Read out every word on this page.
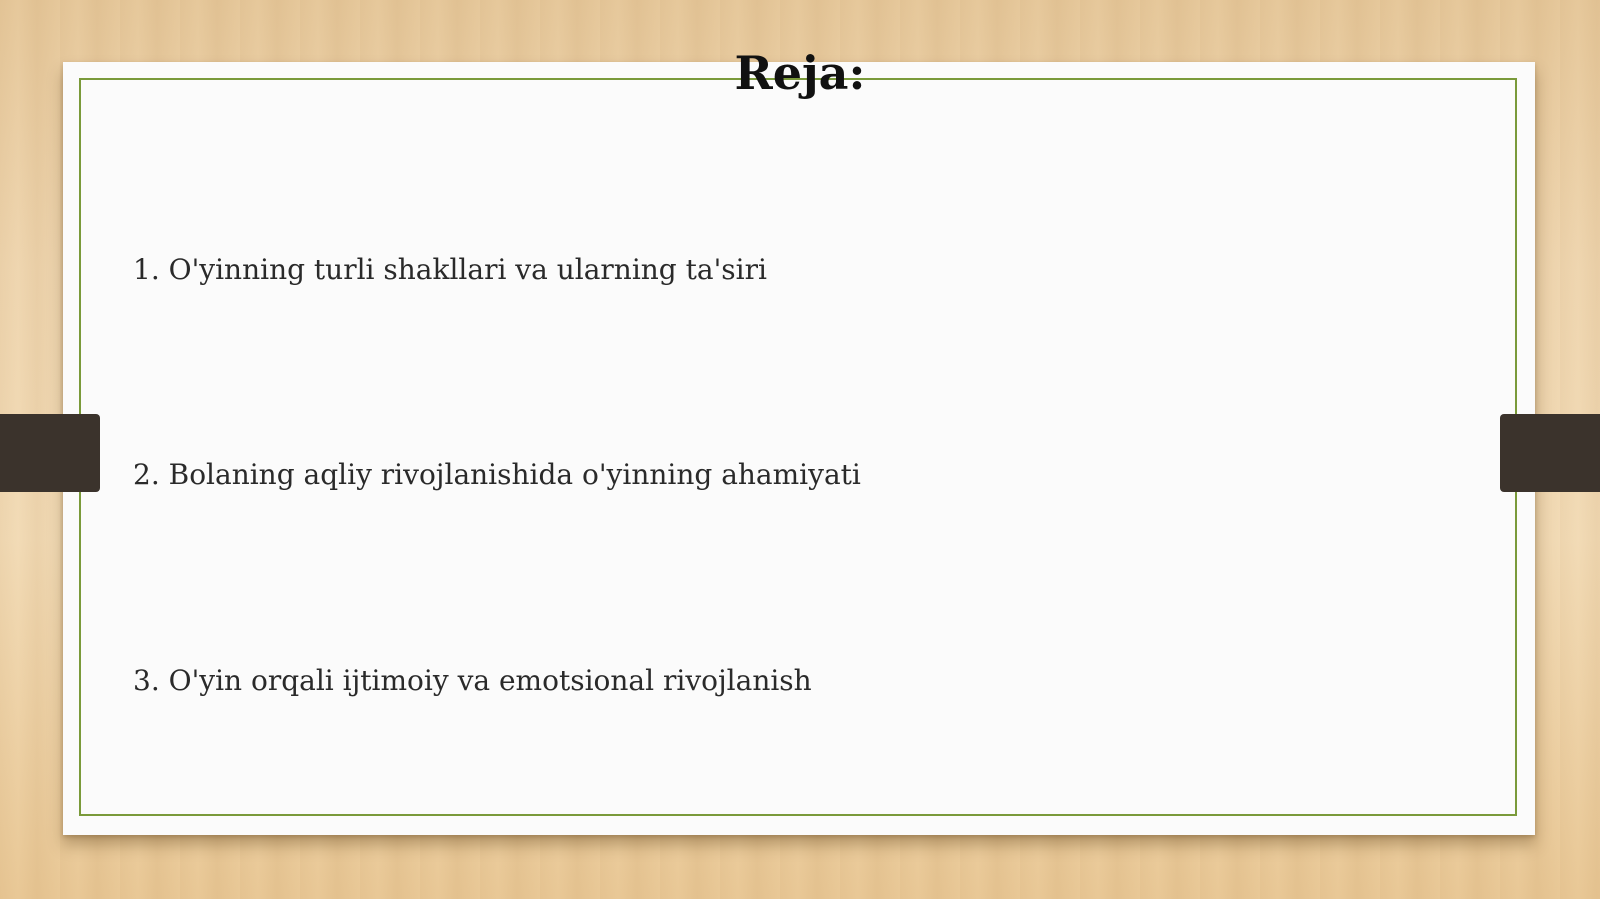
Reja:
1. O'yinning turli shakllari va ularning ta'siri
2. Bolaning aqliy rivojlanishida o'yinning ahamiyati
3. O'yin orqali ijtimoiy va emotsional rivojlanish
